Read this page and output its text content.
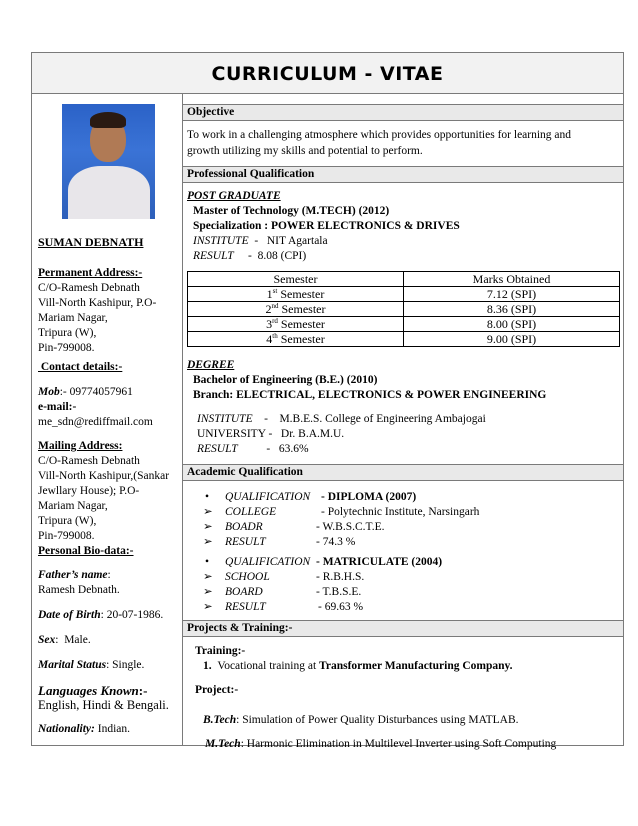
CURRICULUM - VITAE
SUMAN DEBNATH
Permanent Address:-
C/O-Ramesh Debnath
Vill-North Kashipur, P.O-
Mariam Nagar,
Tripura (W),
Pin-799008.
Contact details:-
Mob:- 09774057961
e-mail:-
me_sdn@rediffmail.com
Mailing Address:
C/O-Ramesh Debnath
Vill-North Kashipur,(Sankar
Jewllary House); P.O-
Mariam Nagar,
Tripura (W),
Pin-799008.
Personal Bio-data:-
Father’s name:
Ramesh Debnath.
Date of Birth: 20-07-1986.
Sex:  Male.
Marital Status: Single.
Languages Known:-
English, Hindi & Bengali.
Nationality: Indian.
Objective
To work in a challenging atmosphere which provides opportunities for learning and
growth utilizing my skills and potential to perform.
Professional Qualification
POST GRADUATE
Master of Technology (M.TECH) (2012)
Specialization : POWER ELECTRONICS & DRIVES
INSTITUTE  -   NIT Agartala
RESULT     -  8.08 (CPI)
Semester	Marks Obtained
1st Semester	7.12 (SPI)
2nd Semester	8.36 (SPI)
3rd Semester	8.00 (SPI)
4th Semester	9.00 (SPI)
DEGREE
Bachelor of Engineering (B.E.) (2010)
Branch: ELECTRICAL, ELECTRONICS & POWER ENGINEERING
INSTITUTE    -    M.B.E.S. College of Engineering Ambajogai
UNIVERSITY -   Dr. B.A.M.U.
RESULT          -   63.6%
Academic Qualification
• QUALIFICATION - DIPLOMA (2007)
➢ COLLEGE	- Polytechnic Institute, Narsingarh
➢ BOADR	- W.B.S.C.T.E.
➢ RESULT	- 74.3 %
• QUALIFICATION - MATRICULATE (2004)
➢ SCHOOL	- R.B.H.S.
➢ BOARD	- T.B.S.E.
➢ RESULT	- 69.63 %
Projects & Training:-
Training:-
1. Vocational training at Transformer Manufacturing Company.
Project:-
B.Tech: Simulation of Power Quality Disturbances using MATLAB.
M.Tech: Harmonic Elimination in Multilevel Inverter using Soft Computing
